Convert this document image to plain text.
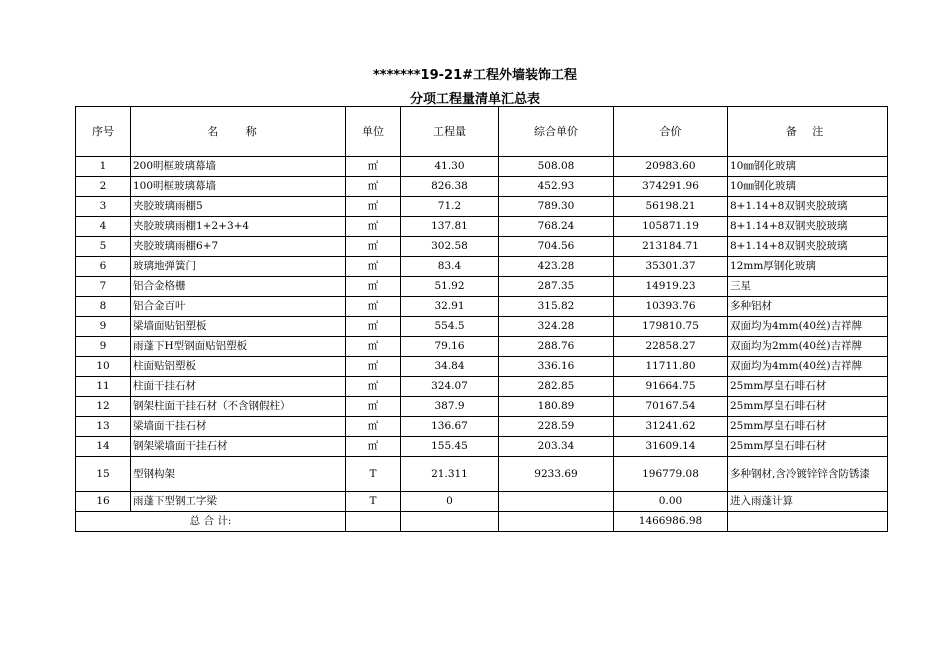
*******19-21#工程外墙装饰工程
分项工程量清单汇总表
序号	名 称	单位	工程量	综合单价	合价	备 注
1	200明框玻璃幕墙	㎡	41.30	508.08	20983.60	10㎜钢化玻璃
2	100明框玻璃幕墙	㎡	826.38	452.93	374291.96	10㎜钢化玻璃
3	夹胶玻璃雨棚5	㎡	71.2	789.30	56198.21	8+1.14+8双钢夹胶玻璃
4	夹胶玻璃雨棚1+2+3+4	㎡	137.81	768.24	105871.19	8+1.14+8双钢夹胶玻璃
5	夹胶玻璃雨棚6+7	㎡	302.58	704.56	213184.71	8+1.14+8双钢夹胶玻璃
6	玻璃地弹簧门	㎡	83.4	423.28	35301.37	12mm厚钢化玻璃
7	铝合金格栅	㎡	51.92	287.35	14919.23	三星
8	铝合金百叶	㎡	32.91	315.82	10393.76	多种铝材
9	梁墙面贴铝塑板	㎡	554.5	324.28	179810.75	双面均为4mm(40丝)吉祥牌
9	雨蓬下H型钢面贴铝塑板	㎡	79.16	288.76	22858.27	双面均为2mm(40丝)吉祥牌
10	柱面贴铝塑板	㎡	34.84	336.16	11711.80	双面均为4mm(40丝)吉祥牌
11	柱面干挂石材	㎡	324.07	282.85	91664.75	25mm厚皇石啡石材
12	钢架柱面干挂石材（不含钢假柱）	㎡	387.9	180.89	70167.54	25mm厚皇石啡石材
13	梁墙面干挂石材	㎡	136.67	228.59	31241.62	25mm厚皇石啡石材
14	钢架梁墙面干挂石材	㎡	155.45	203.34	31609.14	25mm厚皇石啡石材
15	型钢构架	T	21.311	9233.69	196779.08	多种钢材,含冷镀锌锌含防锈漆
16	雨蓬下型钢工字梁	T	0		0.00	进入雨蓬计算
总 合 计:					1466986.98	
